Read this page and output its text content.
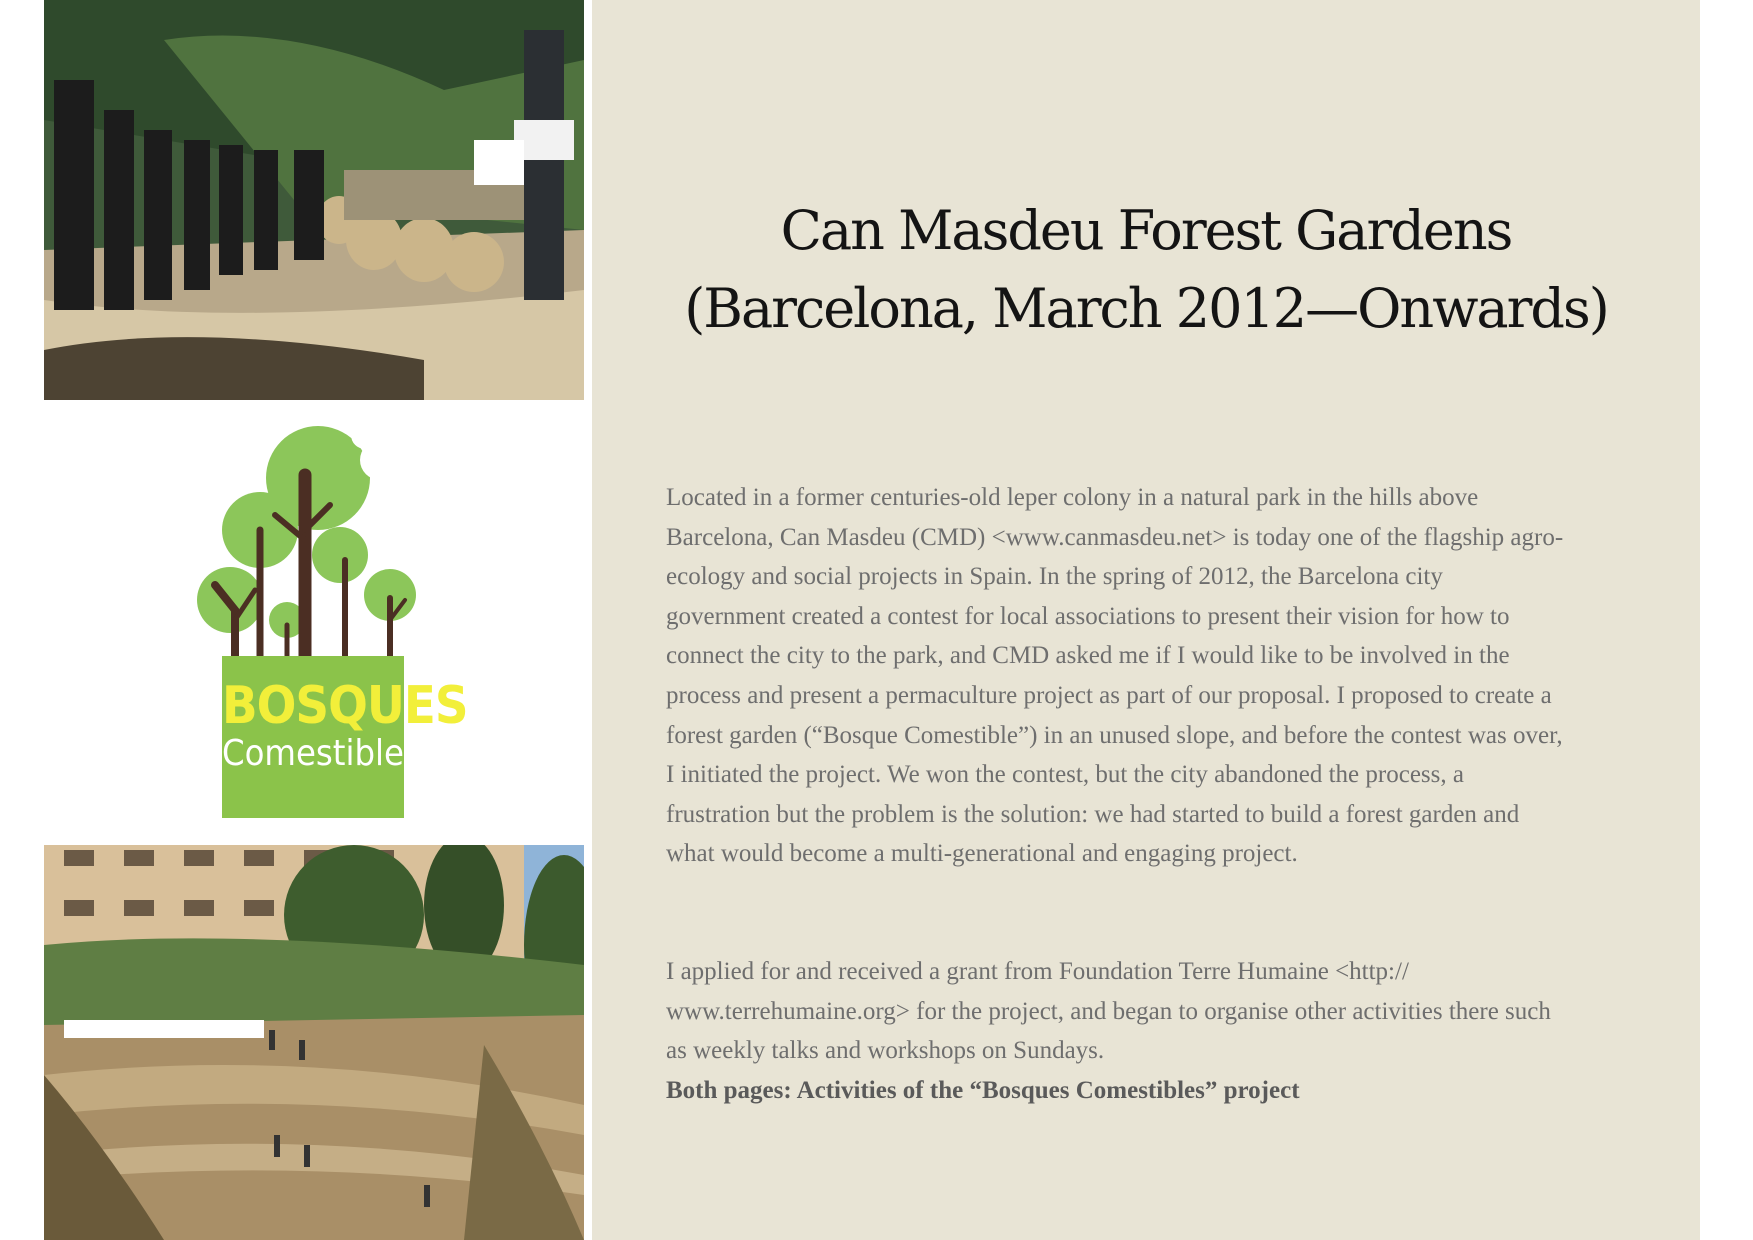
BOSQUES
Comestibles
Can Masdeu Forest Gardens
(Barcelona, March 2012—Onwards)

Located in a former centuries-old leper colony in a natural park in the hills above Barcelona, Can Masdeu (CMD) <www.canmasdeu.net> is today one of the flagship agro-ecology and social projects in Spain. In the spring of 2012, the Barcelona city government created a contest for local associations to present their vision for how to connect the city to the park, and CMD asked me if I would like to be involved in the process and present a permaculture project as part of our proposal. I proposed to create a forest garden (“Bosque Comestible”) in an unused slope, and before the contest was over, I initiated the project. We won the contest, but the city abandoned the process, a frustration but the problem is the solution: we had started to build a forest garden and what would become a multi-generational and engaging project.

I applied for and received a grant from Foundation Terre Humaine <http:// www.terrehumaine.org> for the project, and began to organise other activities there such as weekly talks and workshops on Sundays.
Both pages: Activities of the “Bosques Comestibles” project
